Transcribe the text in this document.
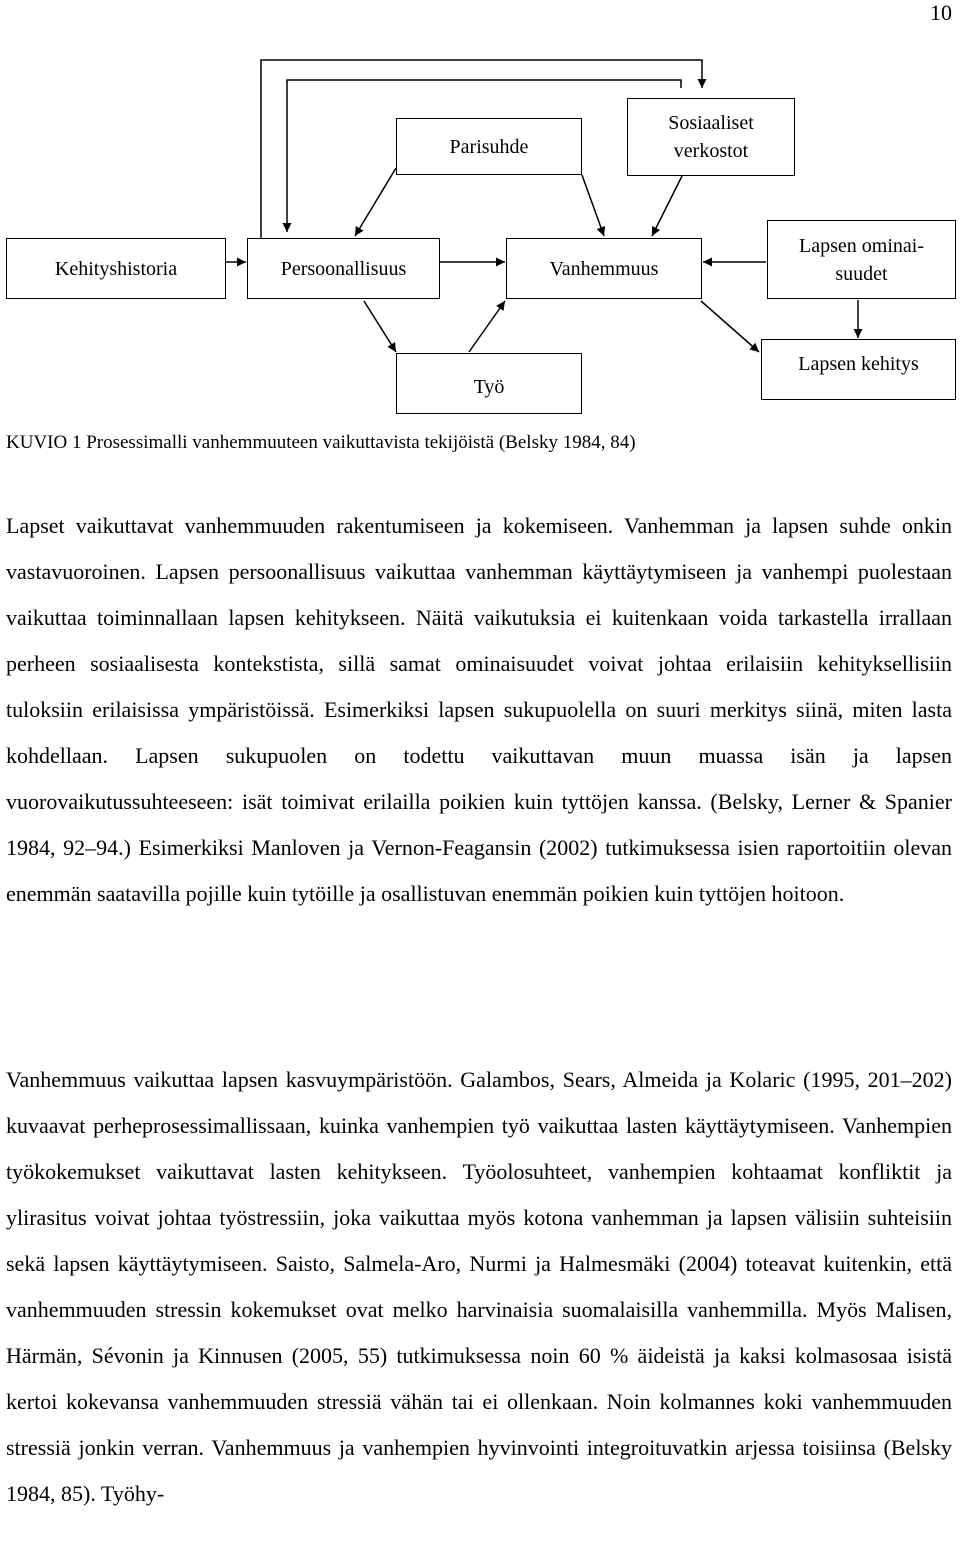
10
Parisuhde
Sosiaaliset
verkostot
Kehityshistoria	Persoonallisuus	Vanhemmuus
Lapsen ominai-
suudet
Työ
Lapsen kehitys
KUVIO 1 Prosessimalli vanhemmuuteen vaikuttavista tekijöistä (Belsky 1984, 84)

Lapset vaikuttavat vanhemmuuden rakentumiseen ja kokemiseen. Vanhemman ja lapsen suhde onkin vastavuoroinen. Lapsen persoonallisuus vaikuttaa vanhemman käyttäytymiseen ja vanhempi puolestaan vaikuttaa toiminnallaan lapsen kehitykseen. Näitä vaikutuksia ei kuitenkaan voida tarkastella irrallaan perheen sosiaalisesta kontekstista, sillä samat ominaisuudet voivat johtaa erilaisiin kehityksellisiin tuloksiin erilaisissa ympäristöissä. Esimerkiksi lapsen sukupuolella on suuri merkitys siinä, miten lasta kohdellaan. Lapsen sukupuolen on todettu vaikuttavan muun muassa isän ja lapsen vuorovaikutussuhteeseen: isät toimivat erilailla poikien kuin tyttöjen kanssa. (Belsky, Lerner & Spanier 1984, 92–94.) Esimerkiksi Manloven ja Vernon-Feagansin (2002) tutkimuksessa isien raportoitiin olevan enemmän saatavilla pojille kuin tytöille ja osallistuvan enemmän poikien kuin tyttöjen hoitoon.

Vanhemmuus vaikuttaa lapsen kasvuympäristöön. Galambos, Sears, Almeida ja Kolaric (1995, 201–202) kuvaavat perheprosessimallissaan, kuinka vanhempien työ vaikuttaa lasten käyttäytymiseen. Vanhempien työkokemukset vaikuttavat lasten kehitykseen. Työolosuhteet, vanhempien kohtaamat konfliktit ja ylirasitus voivat johtaa työstressiin, joka vaikuttaa myös kotona vanhemman ja lapsen välisiin suhteisiin sekä lapsen käyttäytymiseen. Saisto, Salmela-Aro, Nurmi ja Halmesmäki (2004) toteavat kuitenkin, että vanhemmuuden stressin kokemukset ovat melko harvinaisia suomalaisilla vanhemmilla. Myös Malisen, Härmän, Sévonin ja Kinnusen (2005, 55) tutkimuksessa noin 60 % äideistä ja kaksi kolmasosaa isistä kertoi kokevansa vanhemmuuden stressiä vähän tai ei ollenkaan. Noin kolmannes koki vanhemmuuden stressiä jonkin verran. Vanhemmuus ja vanhempien hyvinvointi integroituvatkin arjessa toisiinsa (Belsky 1984, 85). Työhy-
